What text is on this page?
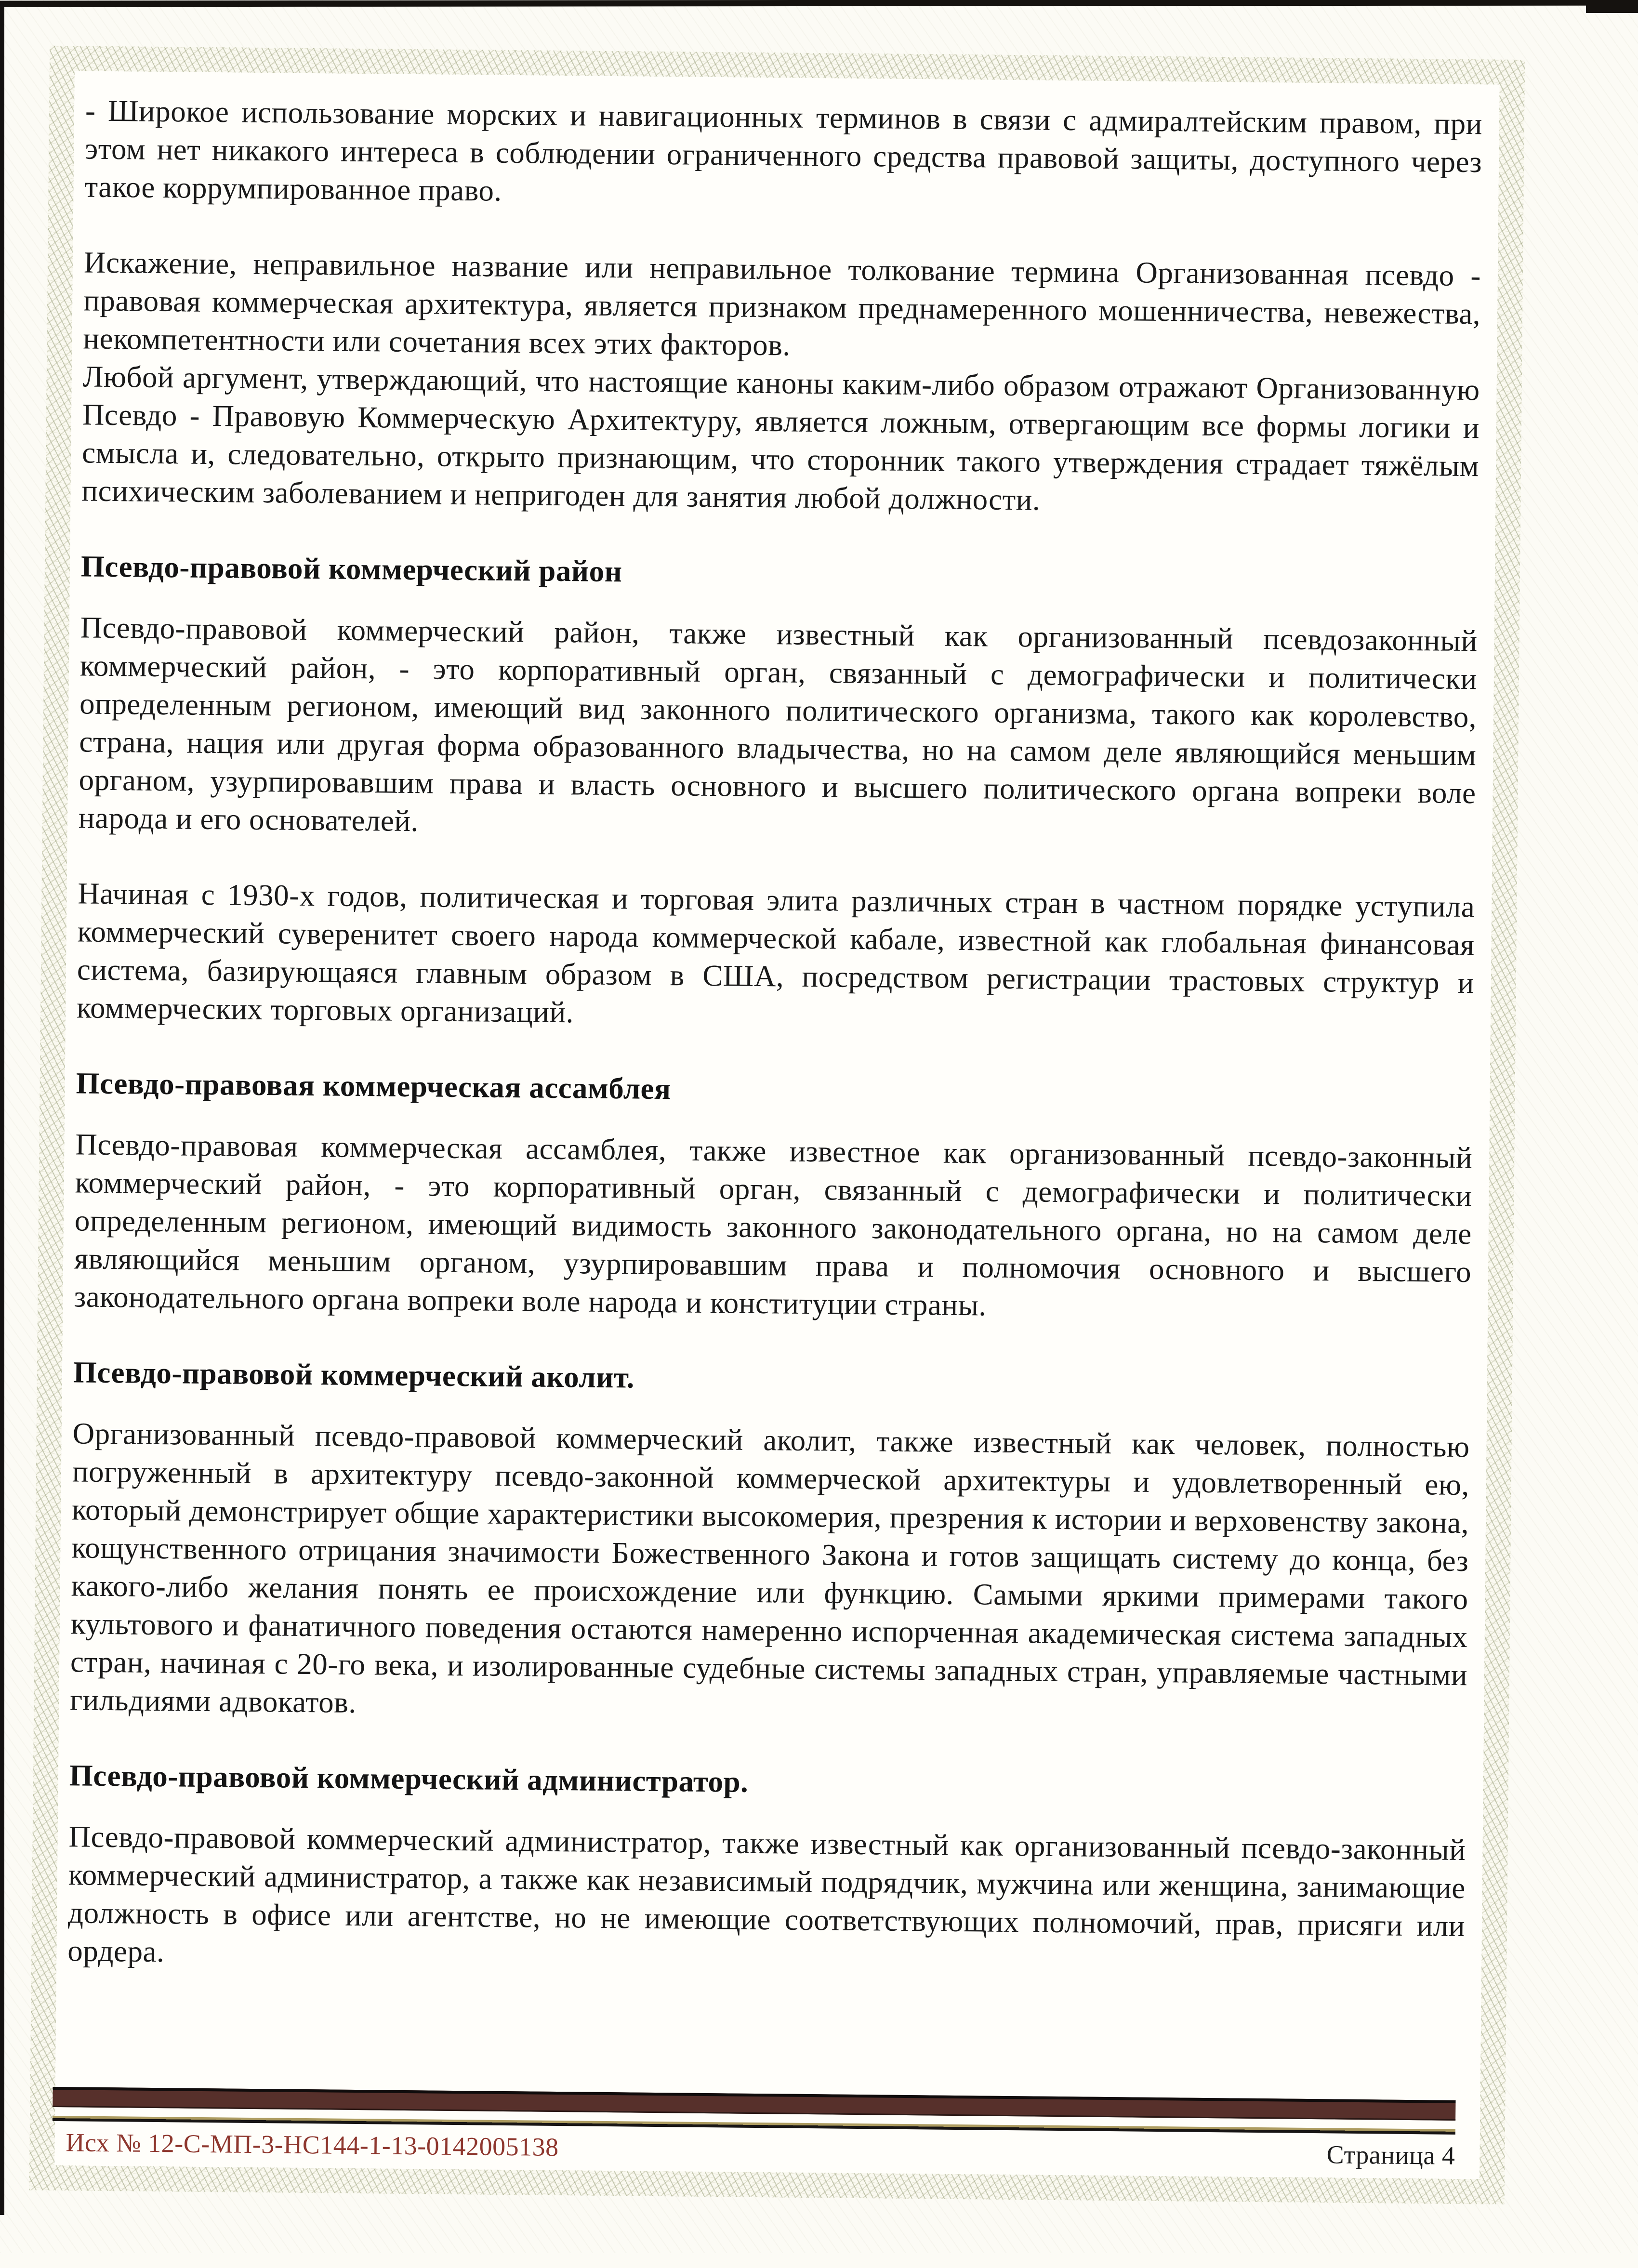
- Широкое использование морских и навигационных терминов в связи с адмиралтейским правом, при этом нет никакого интереса в соблюдении ограниченного средства правовой защиты, доступного через такое коррумпированное право.

Искажение, неправильное название или неправильное толкование термина Организованная псевдо - правовая коммерческая архитектура, является признаком преднамеренного мошенничества, невежества, некомпетентности или сочетания всех этих факторов.

Любой аргумент, утверждающий, что настоящие каноны каким-либо образом отражают Организованную Псевдо - Правовую Коммерческую Архитектуру, является ложным, отвергающим все формы логики и смысла и, следовательно, открыто признающим, что сторонник такого утверждения страдает тяжёлым психическим заболеванием и непригоден для занятия любой должности.

Псевдо-правовой коммерческий район

Псевдо-правовой коммерческий район, также известный как организованный псевдозаконный коммерческий район, - это корпоративный орган, связанный с демографически и политически определенным регионом, имеющий вид законного политического организма, такого как королевство, страна, нация или другая форма образованного владычества, но на самом деле являющийся меньшим органом, узурпировавшим права и власть основного и высшего политического органа вопреки воле народа и его основателей.

Начиная с 1930-х годов, политическая и торговая элита различных стран в частном порядке уступила коммерческий суверенитет своего народа коммерческой кабале, известной как глобальная финансовая система, базирующаяся главным образом в США, посредством регистрации трастовых структур и коммерческих торговых организаций.

Псевдо-правовая коммерческая ассамблея

Псевдо-правовая коммерческая ассамблея, также известное как организованный псевдо-законный коммерческий район, - это корпоративный орган, связанный с демографически и политически определенным регионом, имеющий видимость законного законодательного органа, но на самом деле являющийся меньшим органом, узурпировавшим права и полномочия основного и высшего законодательного органа вопреки воле народа и конституции страны.

Псевдо-правовой коммерческий аколит.

Организованный псевдо-правовой коммерческий аколит, также известный как человек, полностью погруженный в архитектуру псевдо-законной коммерческой архитектуры и удовлетворенный ею, который демонстрирует общие характеристики высокомерия, презрения к истории и верховенству закона, кощунственного отрицания значимости Божественного Закона и готов защищать систему до конца, без какого-либо желания понять ее происхождение или функцию. Самыми яркими примерами такого культового и фанатичного поведения остаются намеренно испорченная академическая система западных стран, начиная с 20-го века, и изолированные судебные системы западных стран, управляемые частными гильдиями адвокатов.

Псевдо-правовой коммерческий администратор.

Псевдо-правовой коммерческий администратор, также известный как организованный псевдо-законный коммерческий администратор, а также как независимый подрядчик, мужчина или женщина, занимающие должность в офисе или агентстве, но не имеющие соответствующих полномочий, прав, присяги или ордера.

Исх № 12-С-МП-3-НС144-1-13-0142005138	Страница 4
